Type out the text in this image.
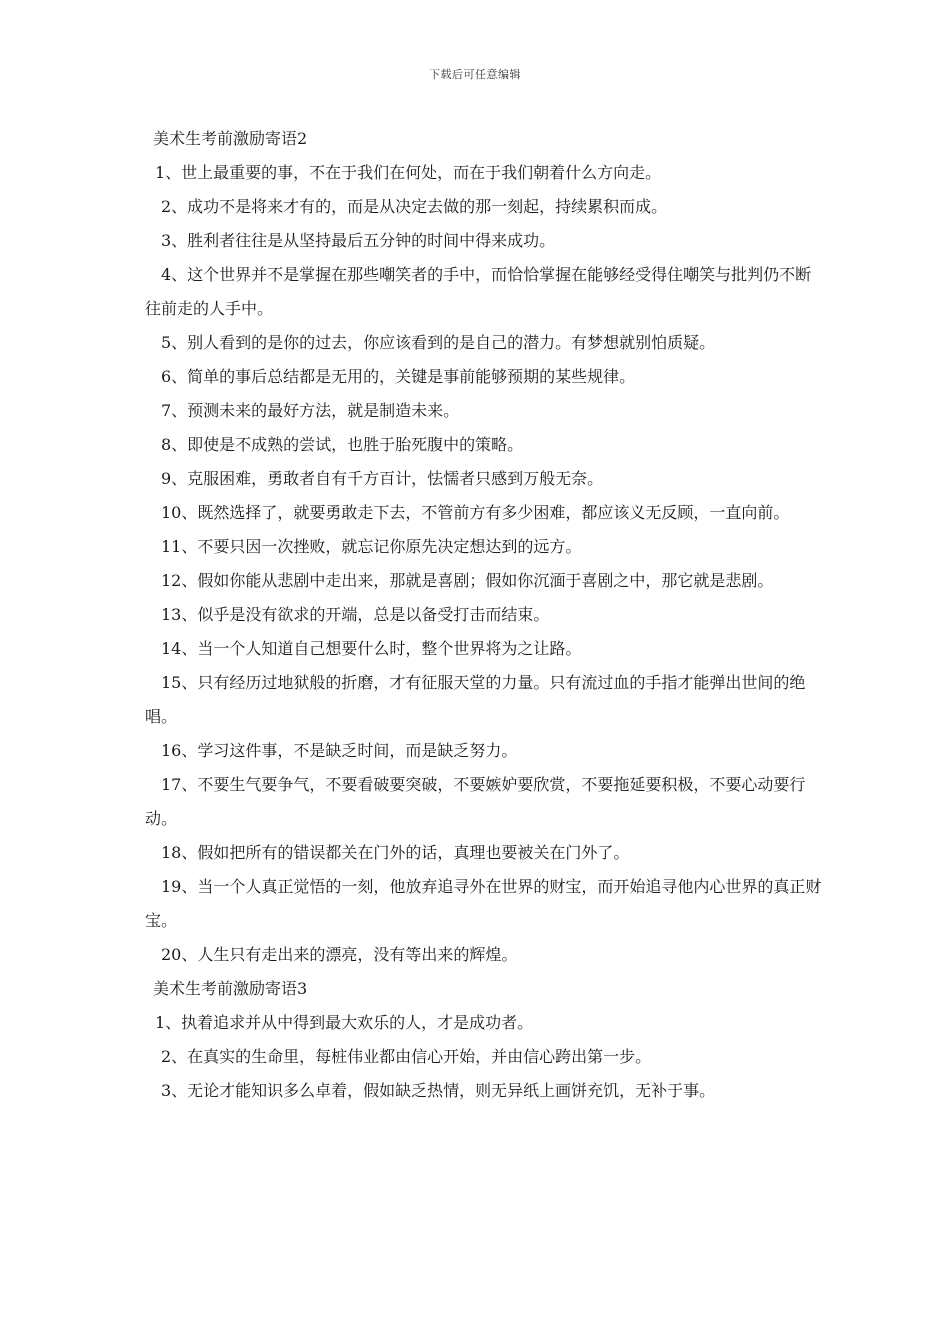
下载后可任意编辑
美术生考前激励寄语2
1、世上最重要的事，不在于我们在何处，而在于我们朝着什么方向走。
2、成功不是将来才有的，而是从决定去做的那一刻起，持续累积而成。
3、胜利者往往是从坚持最后五分钟的时间中得来成功。
4、这个世界并不是掌握在那些嘲笑者的手中，而恰恰掌握在能够经受得住嘲笑与批判仍不断往前走的人手中。
5、别人看到的是你的过去，你应该看到的是自己的潜力。有梦想就别怕质疑。
6、简单的事后总结都是无用的，关键是事前能够预期的某些规律。
7、预测未来的最好方法，就是制造未来。
8、即使是不成熟的尝试，也胜于胎死腹中的策略。
9、克服困难，勇敢者自有千方百计，怯懦者只感到万般无奈。
10、既然选择了，就要勇敢走下去，不管前方有多少困难，都应该义无反顾，一直向前。
11、不要只因一次挫败，就忘记你原先决定想达到的远方。
12、假如你能从悲剧中走出来，那就是喜剧；假如你沉湎于喜剧之中，那它就是悲剧。
13、似乎是没有欲求的开端，总是以备受打击而结束。
14、当一个人知道自己想要什么时，整个世界将为之让路。
15、只有经历过地狱般的折磨，才有征服天堂的力量。只有流过血的手指才能弹出世间的绝唱。
16、学习这件事，不是缺乏时间，而是缺乏努力。
17、不要生气要争气，不要看破要突破，不要嫉妒要欣赏，不要拖延要积极，不要心动要行动。
18、假如把所有的错误都关在门外的话，真理也要被关在门外了。
19、当一个人真正觉悟的一刻，他放弃追寻外在世界的财宝，而开始追寻他内心世界的真正财宝。
20、人生只有走出来的漂亮，没有等出来的辉煌。
美术生考前激励寄语3
1、执着追求并从中得到最大欢乐的人，才是成功者。
2、在真实的生命里，每桩伟业都由信心开始，并由信心跨出第一步。
3、无论才能知识多么卓着，假如缺乏热情，则无异纸上画饼充饥，无补于事。
